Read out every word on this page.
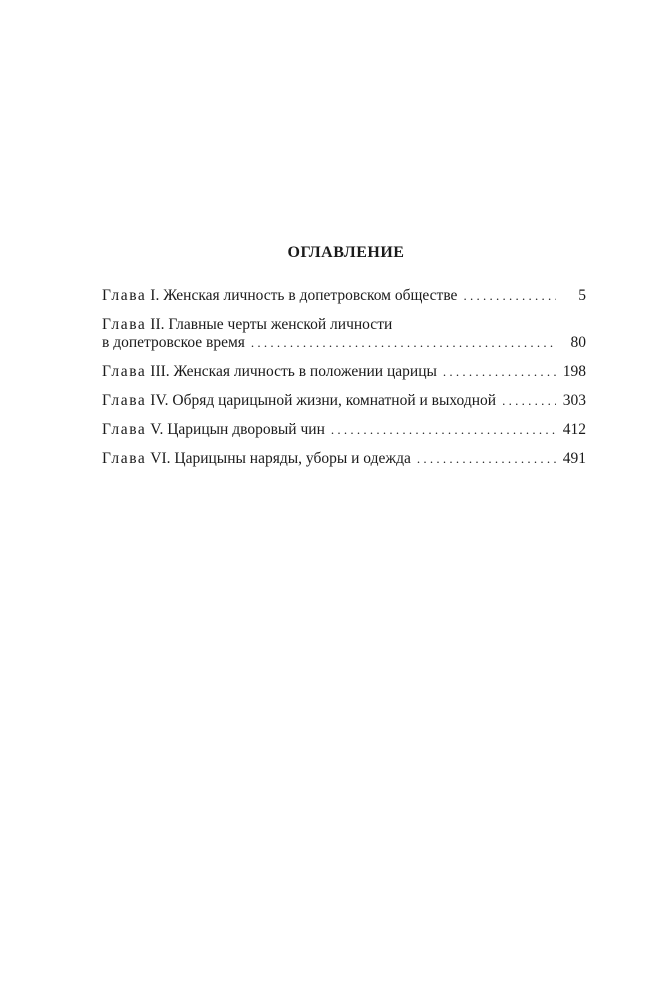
ОГЛАВЛЕНИЕ
Глава
I. Женская личность в допетровском обществе . . .	5
Глава
II. Главные черты женской личности
в допетровское время . . .	80
Глава
III. Женская личность в положении царицы . . .	198
Глава
IV. Обряд царицыной жизни, комнатной и выходной . . .	303
Глава
V. Царицын дворовый чин . . .	412
Глава
VI. Царицыны наряды, уборы и одежда . . .	491
